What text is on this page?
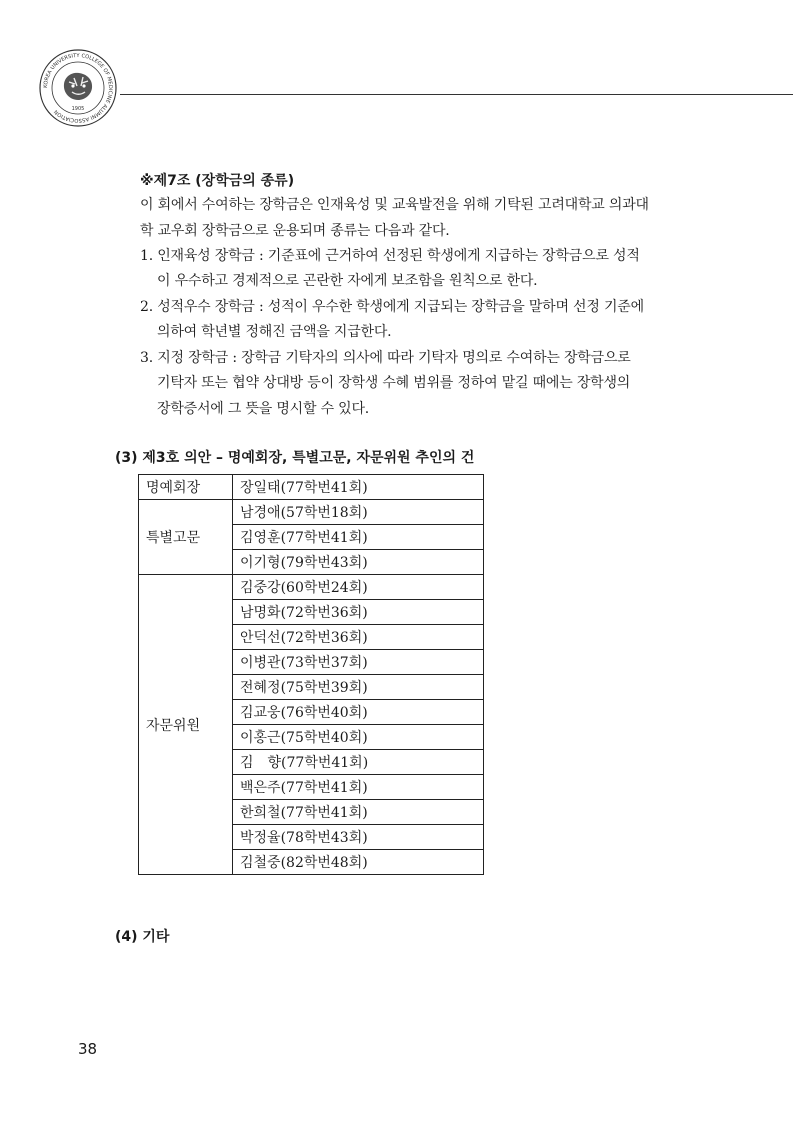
KOREA UNIVERSITY COLLEGE OF MEDICINE ALUMNI ASSOCIATION	1905
※제7조 (장학금의 종류)
이 회에서 수여하는 장학금은 인재육성 및 교육발전을 위해 기탁된 고려대학교 의과대
학 교우회 장학금으로 운용되며 종류는 다음과 같다.
1. 인재육성 장학금 : 기준표에 근거하여 선정된 학생에게 지급하는 장학금으로 성적
이 우수하고 경제적으로 곤란한 자에게 보조함을 원칙으로 한다.
2. 성적우수 장학금 : 성적이 우수한 학생에게 지급되는 장학금을 말하며 선정 기준에
의하여 학년별 정해진 금액을 지급한다.
3. 지정 장학금 : 장학금 기탁자의 의사에 따라 기탁자 명의로 수여하는 장학금으로
기탁자 또는 협약 상대방 등이 장학생 수혜 범위를 정하여 맡길 때에는 장학생의
장학증서에 그 뜻을 명시할 수 있다.
(3) 제3호 의안 – 명예회장, 특별고문, 자문위원 추인의 건
명예회장	장일태(77학번41회)
특별고문	남경애(57학번18회)
	김영훈(77학번41회)
	이기형(79학번43회)
자문위원	김중강(60학번24회)
	남명화(72학번36회)
	안덕선(72학번36회)
	이병관(73학번37회)
	전혜정(75학번39회)
	김교웅(76학번40회)
	이홍근(75학번40회)
	김　향(77학번41회)
	백은주(77학번41회)
	한희철(77학번41회)
	박정율(78학번43회)
	김철중(82학번48회)
(4) 기타
38
